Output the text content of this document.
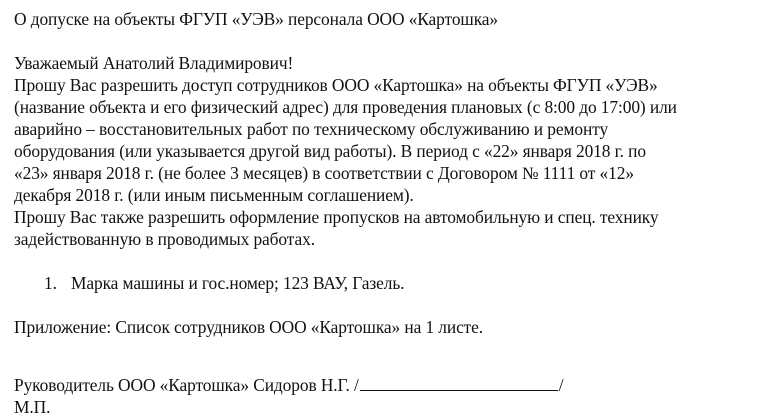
О допуске на объекты ФГУП «УЭВ» персонала ООО «Картошка»
Уважаемый Анатолий Владимирович!
Прошу Вас разрешить доступ сотрудников ООО «Картошка» на объекты ФГУП «УЭВ»
(название объекта и его физический адрес) для проведения плановых (с 8:00 до 17:00) или
аварийно – восстановительных работ по техническому обслуживанию и ремонту
оборудования (или указывается другой вид работы). В период с «22» января 2018 г. по
«23» января 2018 г. (не более 3 месяцев) в соответствии с Договором № 1111 от «12»
декабря 2018 г. (или иным письменным соглашением).
Прошу Вас также разрешить оформление пропусков на автомобильную и спец. технику
задействованную в проводимых работах.
1. Марка машины и гос.номер; 123 ВАУ, Газель.
Приложение: Список сотрудников ООО «Картошка» на 1 листе.
Руководитель ООО «Картошка» Сидоров Н.Г. /	/
М.П.
